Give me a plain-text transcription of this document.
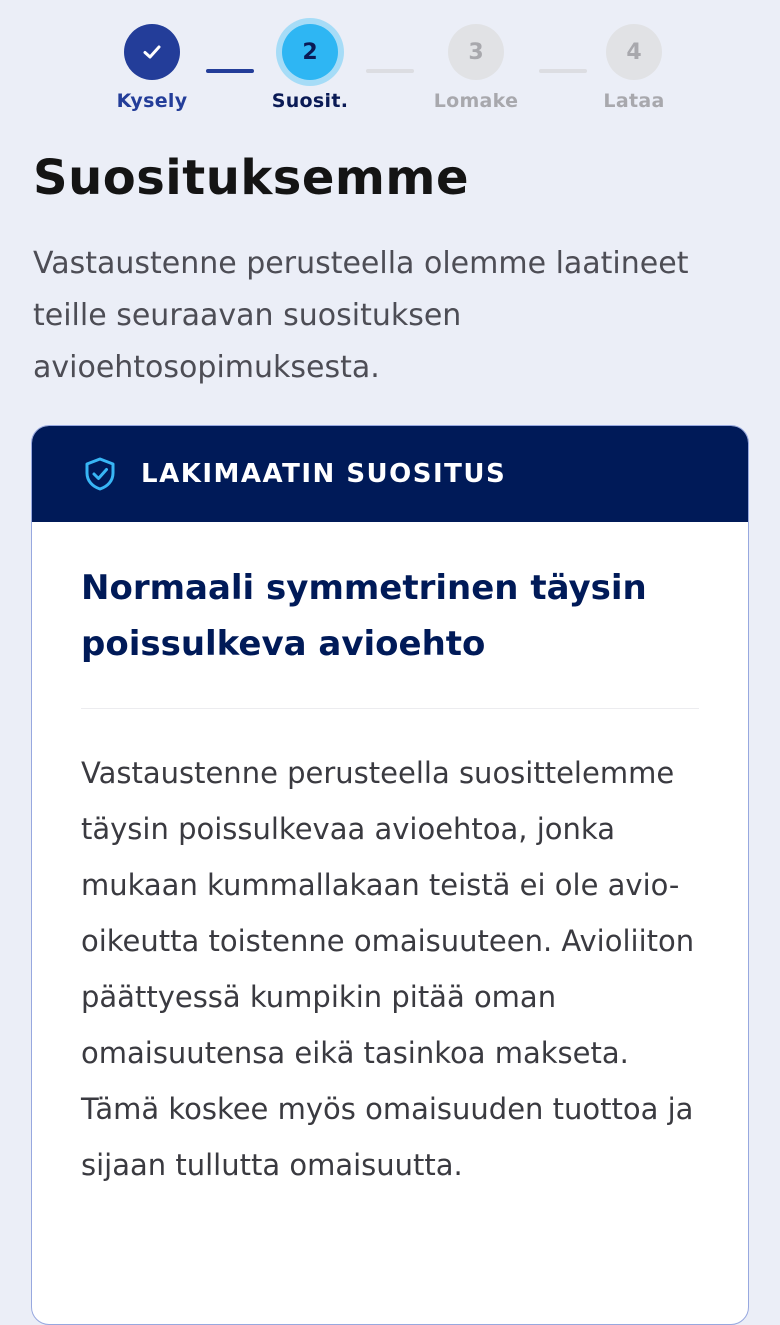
Kysely
2
Suosit.
3
Lomake
4
Lataa
Suosituksemme

Vastaustenne perusteella olemme laatineet teille seuraavan suosituksen avioehtosopimuksesta.

LAKIMAATIN SUOSITUS
Normaali symmetrinen täysin poissulkeva avioehto

Vastaustenne perusteella suosittelemme täysin poissulkevaa avioehtoa, jonka mukaan kummallakaan teistä ei ole avio-oikeutta toistenne omaisuuteen. Avioliiton päättyessä kumpikin pitää oman omaisuutensa eikä tasinkoa makseta. Tämä koskee myös omaisuuden tuottoa ja sijaan tullutta omaisuutta.
